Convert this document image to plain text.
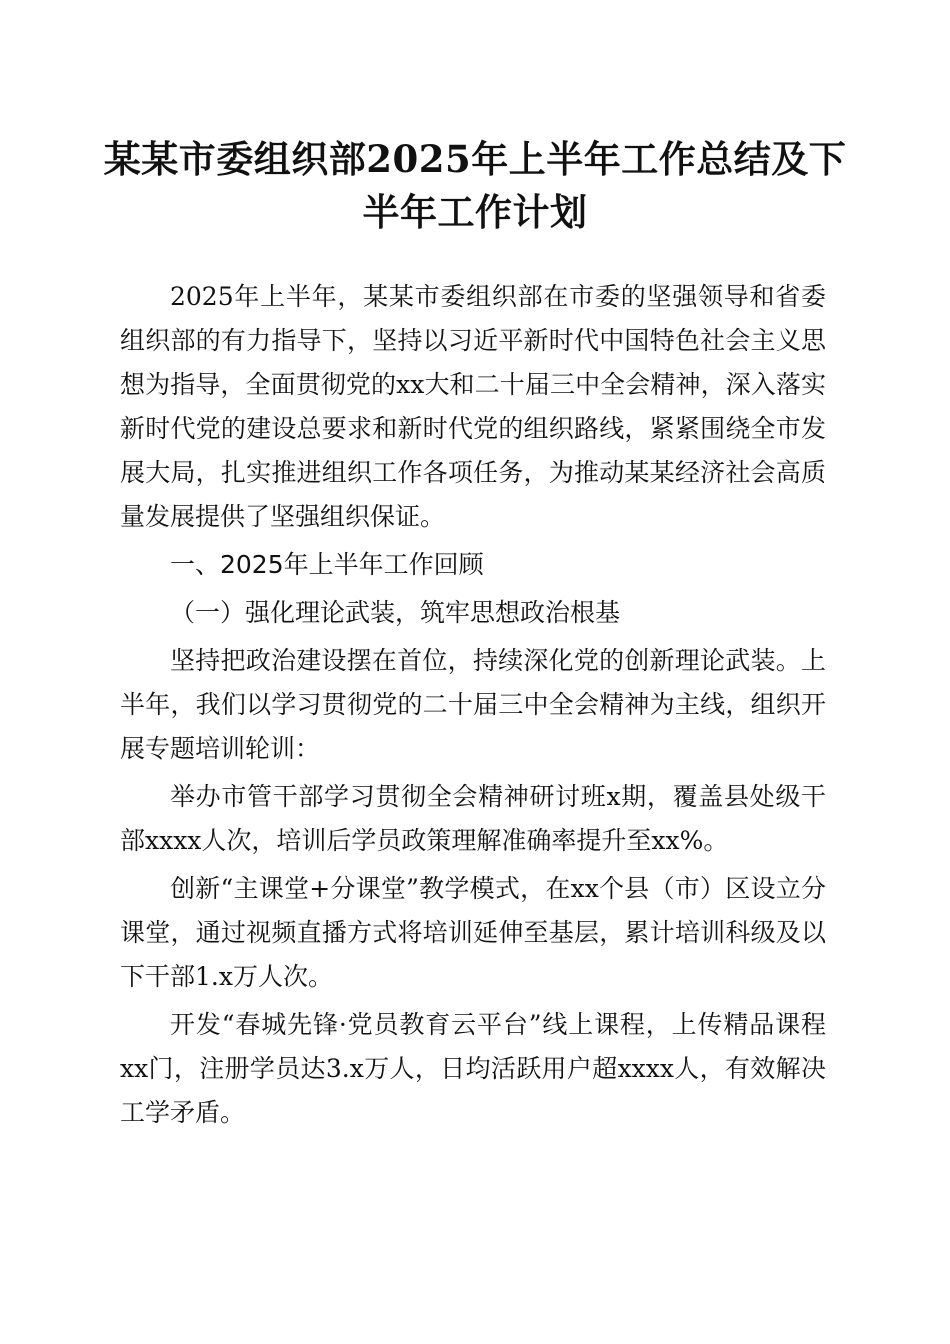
某某市委组织部2025年上半年工作总结及下
半年工作计划

2025年上半年，某某市委组织部在市委的坚强领导和省委组织部的有力指导下，坚持以习近平新时代中国特色社会主义思想为指导，全面贯彻党的xx大和二十届三中全会精神，深入落实新时代党的建设总要求和新时代党的组织路线，紧紧围绕全市发展大局，扎实推进组织工作各项任务，为推动某某经济社会高质量发展提供了坚强组织保证。

一、2025年上半年工作回顾
（一）强化理论武装，筑牢思想政治根基

坚持把政治建设摆在首位，持续深化党的创新理论武装。上半年，我们以学习贯彻党的二十届三中全会精神为主线，组织开展专题培训轮训：

举办市管干部学习贯彻全会精神研讨班x期，覆盖县处级干部xxxx人次，培训后学员政策理解准确率提升至xx%。

创新“主课堂+分课堂”教学模式，在xx个县（市）区设立分课堂，通过视频直播方式将培训延伸至基层，累计培训科级及以下干部1.x万人次。

开发“春城先锋·党员教育云平台”线上课程，上传精品课程xx门，注册学员达3.x万人，日均活跃用户超xxxx人，有效解决工学矛盾。
